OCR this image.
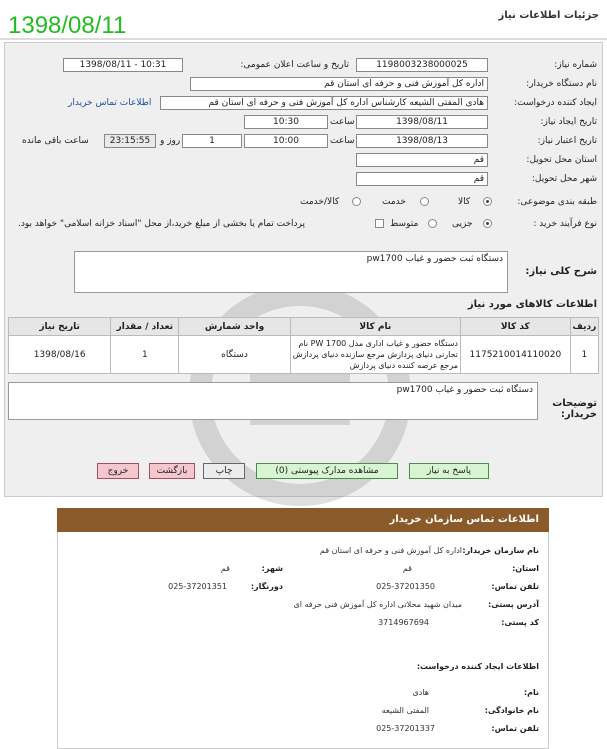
جزئیات اطلاعات نیاز
1398/08/11
شماره نیاز:
1198003238000025
تاریخ و ساعت اعلان عمومی:
1398/08/11 - 10:31
نام دستگاه خریدار:
اداره کل آموزش فنی و حرفه ای استان قم
ایجاد کننده درخواست:
هادی المفتی الشیعه کارشناس اداره کل آموزش فنی و حرفه ای استان قم
اطلاعات تماس خریدار
تاریخ ایجاد نیاز:
1398/08/11
ساعت
10:30
تاریخ اعتبار نیاز:
1398/08/13
ساعت
10:00
1
روز و
23:15:55
ساعت باقی مانده
استان محل تحویل:
قم
شهر محل تحویل:
قم
طبقه بندی موضوعی:
کالا
خدمت
کالا/خدمت
نوع فرآیند خرید :
جزیی
متوسط
پرداخت تمام یا بخشی از مبلغ خرید،از محل "اسناد خزانه اسلامی" خواهد بود.
شرح کلی نیاز:
دستگاه ثبت حضور و غیاب pw1700
اطلاعات کالاهای مورد نیاز
ردیف	کد کالا	نام کالا	واحد شمارش	تعداد / مقدار	تاریخ نیاز
1	1175210014110020	دستگاه حضور و غیاب اداری مدل PW 1700 نام تجارتی دنیای پردازش مرجع سازنده دنیای پردازش مرجع عرضه کننده دنیای پردازش	دستگاه	1	1398/08/16
دستگاه ثبت حضور و غیاب pw1700
توضیحات خریدار:
پاسخ به نیاز
مشاهده مدارک پیوستی (0)
چاپ
بازگشت
خروج
اطلاعات تماس سازمان خریدار
نام سازمان خریدار:
اداره کل آموزش فنی و حرفه ای استان قم
استان:
قم
شهر:
قم
تلفن تماس:
025-37201350
دورنگار:
025-37201351
آدرس پستی:
میدان شهید محلاتی اداره کل آموزش فنی حرفه ای
کد پستی:
3714967694
اطلاعات ایجاد کننده درخواست:
نام:
هادی
نام خانوادگی:
المفتی الشیعه
تلفن تماس:
025-37201337
